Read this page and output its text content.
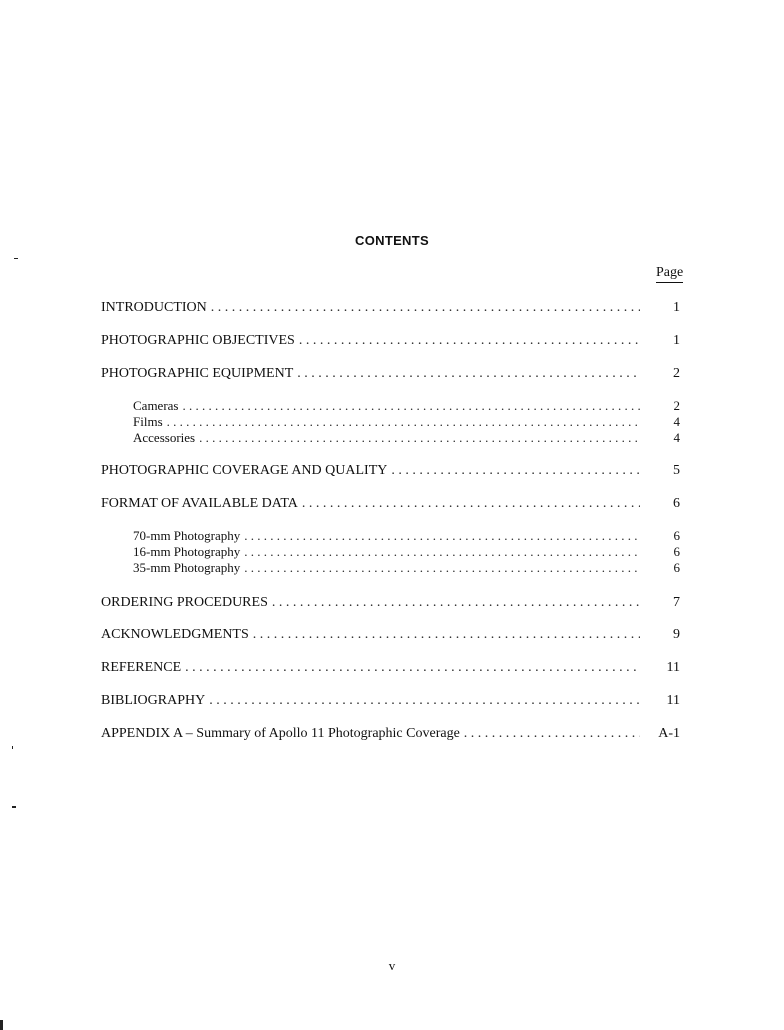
CONTENTS
Page
INTRODUCTION . . .	1
PHOTOGRAPHIC OBJECTIVES . . .	1
PHOTOGRAPHIC EQUIPMENT . . .	2
Cameras . . .	2
Films . . .	4
Accessories . . .	4
PHOTOGRAPHIC COVERAGE AND QUALITY . . .	5
FORMAT OF AVAILABLE DATA . . .	6
70-mm Photography . . .	6
16-mm Photography . . .	6
35-mm Photography . . .	6
ORDERING PROCEDURES . . .	7
ACKNOWLEDGMENTS . . .	9
REFERENCE . . .	11
BIBLIOGRAPHY . . .	11
APPENDIX A – Summary of Apollo 11 Photographic Coverage . . .	A-1
v
